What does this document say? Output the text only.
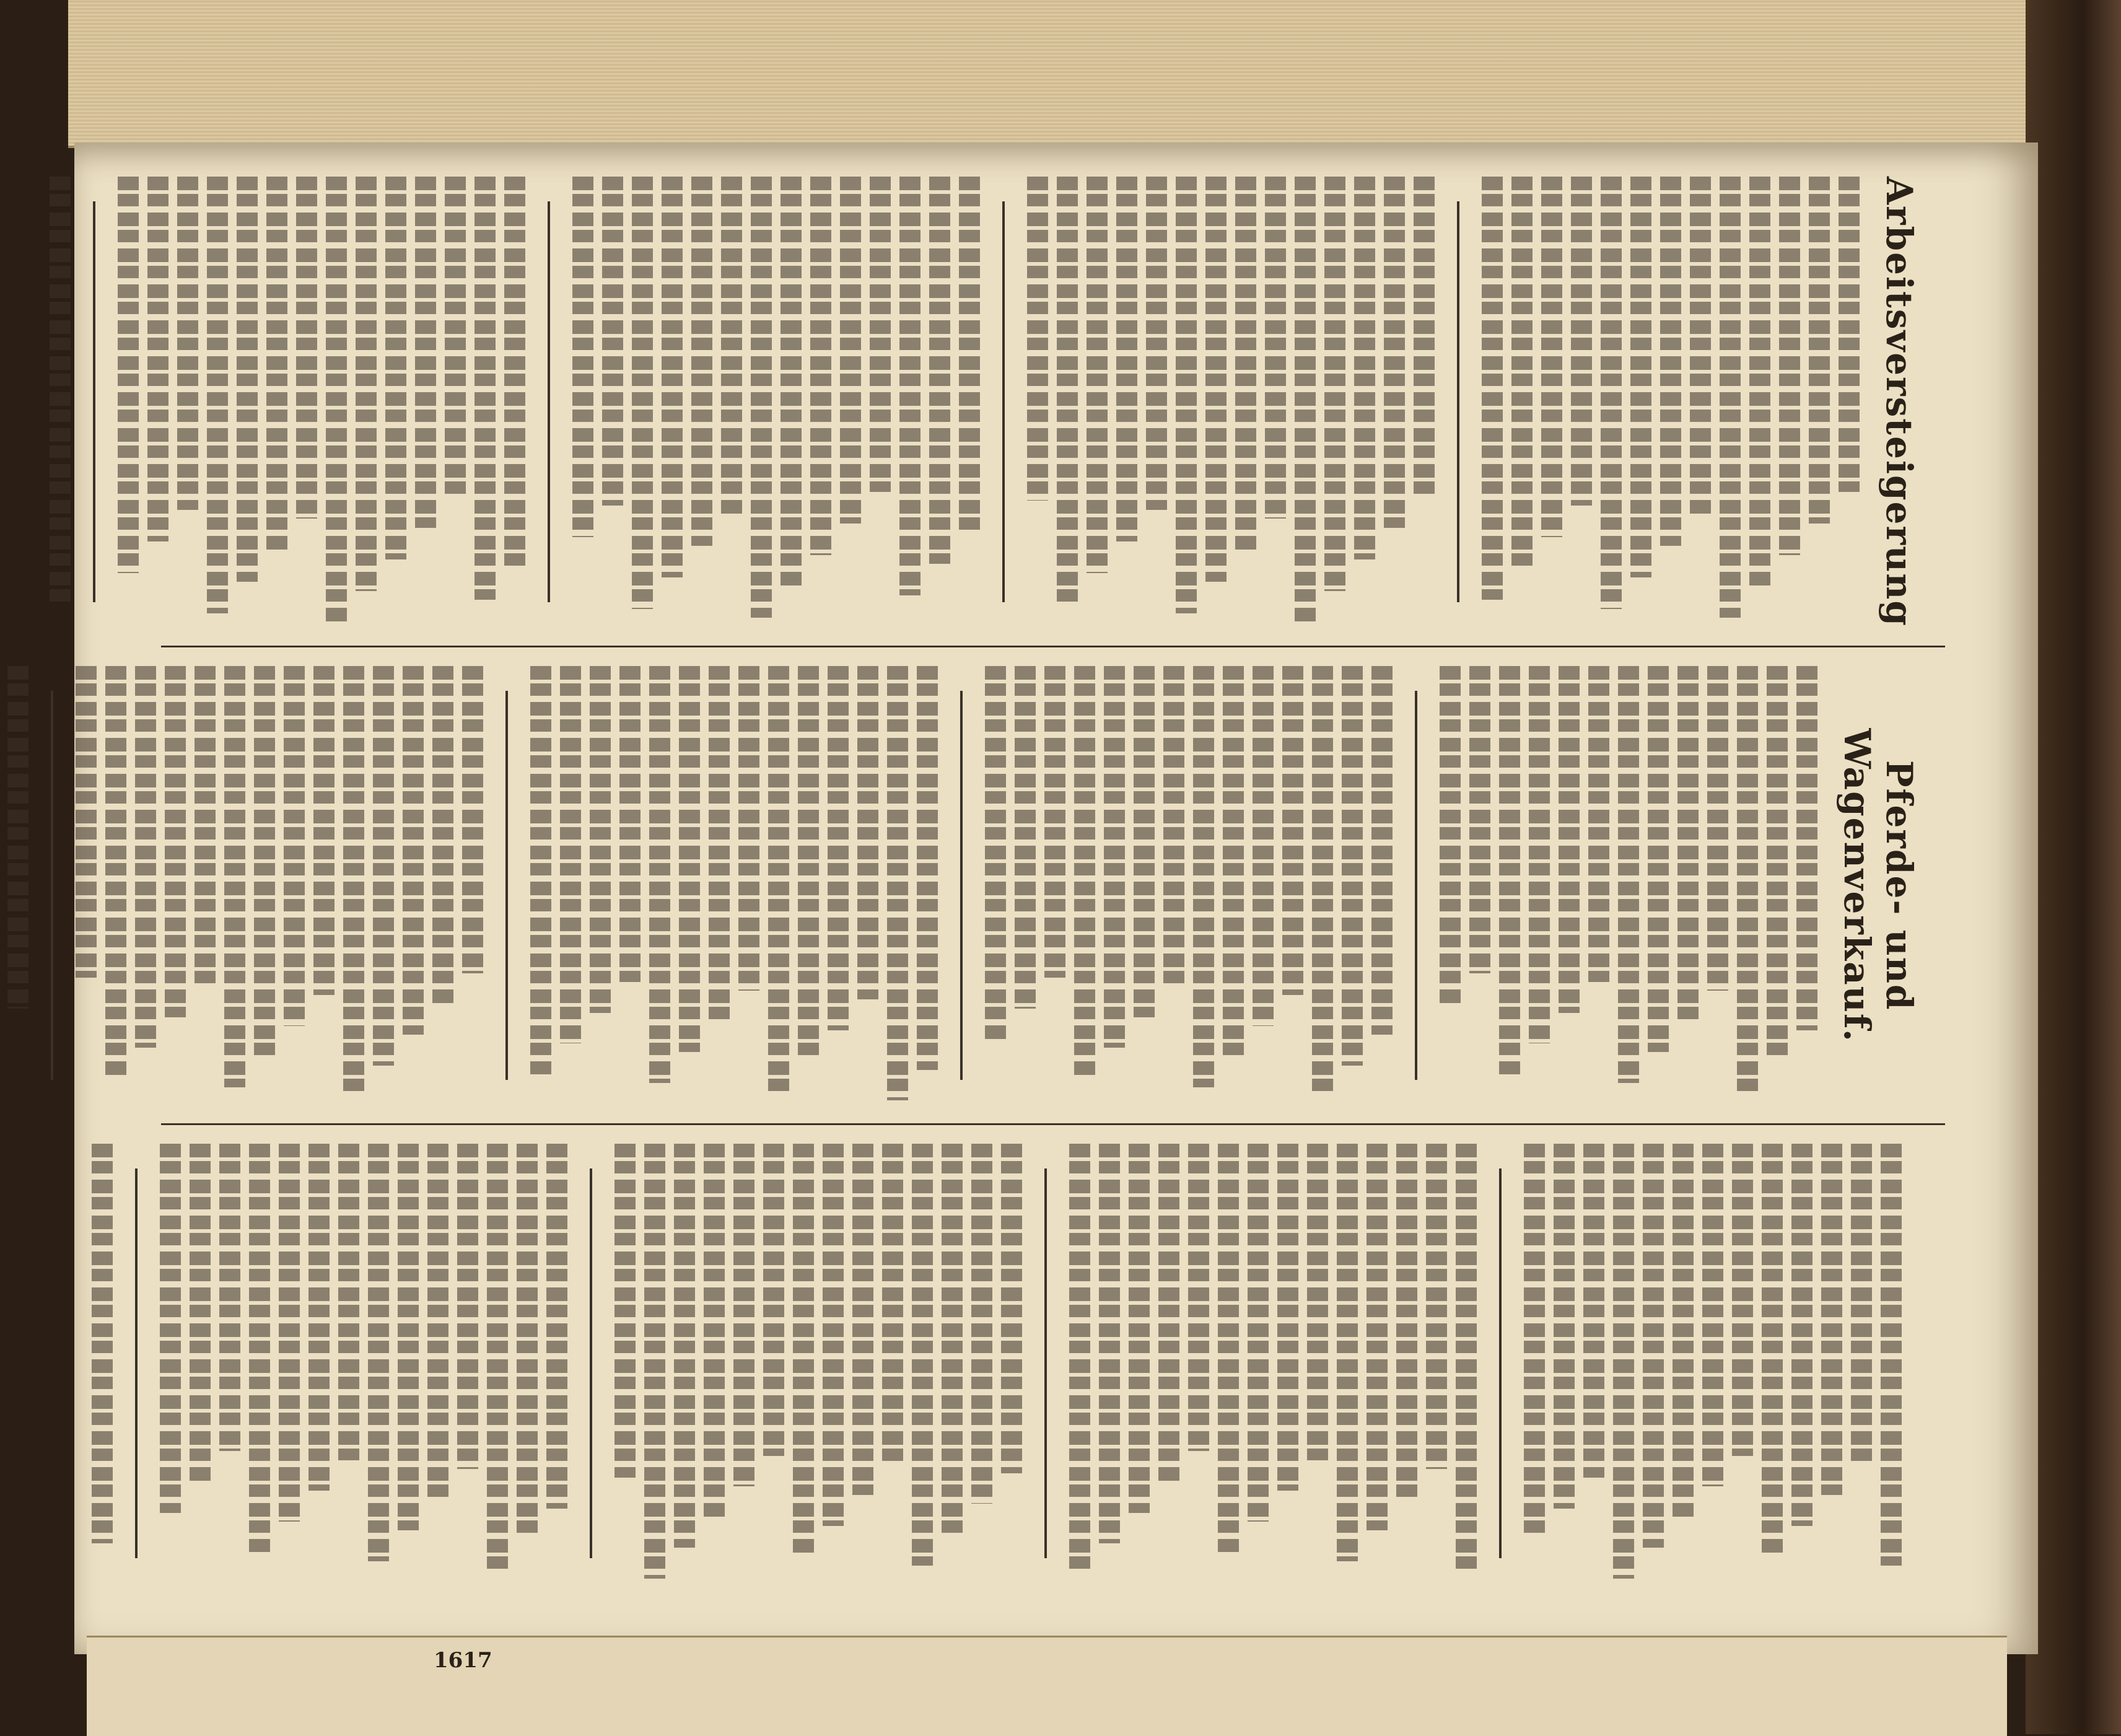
1617
Arbeitsversteigerung
Pferde- und Wagenverkauf.
